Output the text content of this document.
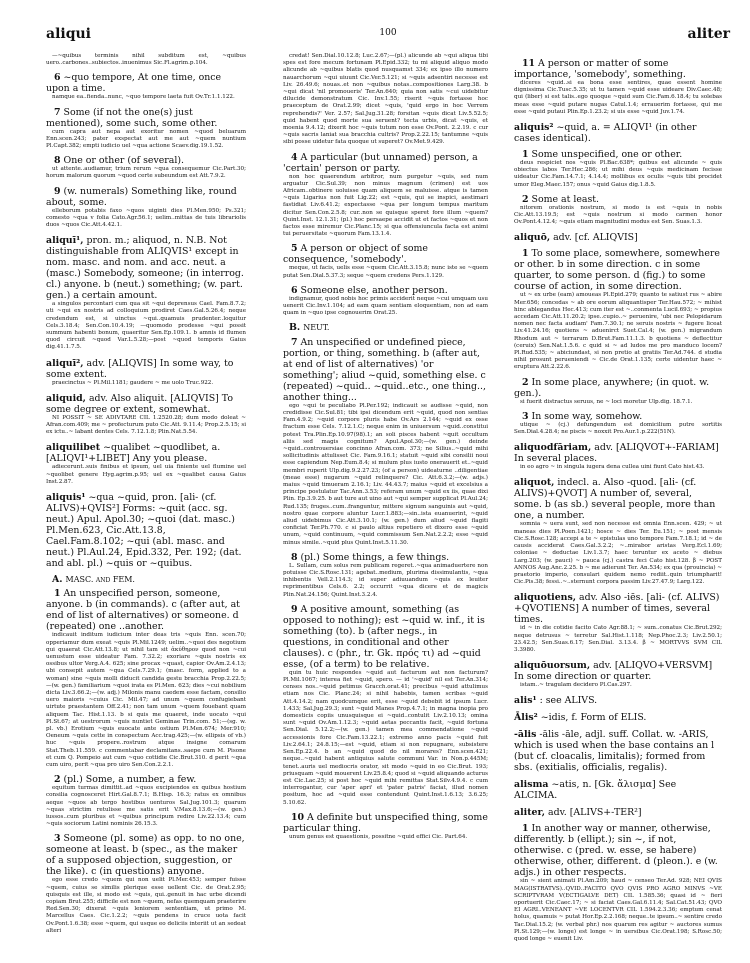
aliqui	100	aliter
—~quibus terminis nihil subditum est, ~quibus uero..carbones..subiectos..inuenimus Sic.Fl.agrim.p.104.
6 ~quo tempore, At one time, once upon a time.
namque ea..fienda..nunc, ~quo tempore laeta fuit Ov.Tr.1.1.122.
7 Some (if not the one(s) just mentioned), some such, some other.
cum capra aut nepa aut exoritur nomen ~quod beluarum Enn.scen.243; pater exspectat aut me aut ~quem nuntium Pl.Capt.382; empti iudicio uel ~qua actione Scaev.dig.19.1.52.
8 One or other (of several).
ut attente..audiamur, trium rerum ~qua consequemur Cic.Part.30; horum malorum quorum ~quod certe subeundum est Att.7.9.2.
9 (w. numerals) Something like, round about, some.
elleborum potabis faxo ~quos uiginti dies Pl.Men.950; Ps.321; comesto ~qua v folia Cato.Agr.56.1; uelim..mittas de tuis librariolis duos ~quos Cic.Att.4.42.1.
aliquī¹, pron. m.; aliquod, n. N.B. Not distinguishable from ALIQVIS¹ except in nom. masc. and nom. and acc. neut. a (masc.) Somebody, someone; (in interrog. cl.) anyone. b (neut.) something; (w. part. gen.) a certain amount.
a singulos percontari cum qua sit ~qui deprensus Cael. Fam.8.7.2; uti ~qui ex nostris ad colloquium prodiret Caes.Gal.5.26.4; neque credendum est, si uinctus ~qui..quamuis prudenter..loquitur Cels.3.18.4; Sen.Con.10.4.19; —quomodo prodesse ~qui possit summum habenti bonum, quaeritur Sen.Ep.109.1. b amnis id flumen quod circuit ~quod Var.L.5.28;—post ~quod temporis Gaius dig.41.1.7.5.
aliquī², adv. [ALIQVIS] In some way, to some extent.
praecinctus ~ Pl.Mil.1181; gaudere ~ me uolo Truc.922.
aliquid, adv. Also aliquit. [ALIQVIS] To some degree or extent, somewhat.
NI POSSIT ~ SE ADIVTARE CIL 1.2520.28; dum modo doleat ~ Afran.com.409; me ~ profecturum puto Cic.Att. 9.11.4; Prop.2.5.15; si ex ictu..~ labant dentes Cels. 7.12.1.8; Plin.Nat.5.54.
aliquilibet ~qualibet ~quodlibet, a. [ALIQVI¹+LIBET] Any you please.
adiecerunt..suis finibus et ipsum, uel uia finiente uel flumine uel ~quolibet genere Hyg.agrim.p.95; uel ex ~qualibet causa Gaius Inst.2.87.
aliquis¹ ~qua ~quid, pron. [ali- (cf. ALIVS)+QVIS²] Forms: ~quit (acc. sg. neut.) Apul. Apol.30; ~quoi (dat. masc.) Pl.Men.623, Cic.Att.13.8, Cael.Fam.8.102; ~qui (abl. masc. and neut.) Pl.Aul.24, Epid.332, Per. 192; (dat. and abl. pl.) ~quis or ~quibus.
A. MASC. and FEM.
1 An unspecified person, someone, anyone. b (in commands). c (after aut, at end of list of alternatives) or someone. d (repeated) one ..another.
indicauit inditum iudicium inter deas tris ~quis Enn. scen.70; opperiamur dum exeat ~quis Pl.Mil.1249; uelim..~quoi des negotium qui quaerat Cic.Att.13.8; ut nihil tam sit ἀκύθηρον quod non ~cui uenustum esse uideatur Fam. 7.32.2; exoriare ~quis nostris ex ossibus ultor Verg.A.4. 625; sine procax ~quast, capior Ov.Am.2.4.13; ubi consepit autem ~qua Cels.7.29.1; (masc. form, applied to a woman) sine ~quis molli diducit candida gestu bracchia Prop.2.22.5;—(w. gen.) familiarium ~quoi irata es Pl.Men. 623; dies ~cui nobilium dicta Liv.3.66.2;—(w. adj.) Milonis manu caedem esse factam, consilio uero maioris ~cuius Cic. Mil.47; ad unum ~quem confugiebant uirtute praestantem Off.2.41; non tam unum ~quem fouebant quam aliquem Tac. Hist.1.13. b si quis me quaeret, inde uocato ~qui Pl.St.67; at uestrorum ~quis nuntiet Geminae Trin.com. 51;—(sg. w. pl. vb.) Erotium ~quis euocate ante ostium Pl.Men.674; Mer.910; Oeneum ~quis cette in conspectum Acc.trag.425;—(w. ellipsis of vb.) huc ~quis propere..rostrum atque insigne comarum Stat.Theb.11.559. c commentabar declamitans..saepe cum M. Pisone et cum Q. Pompeio aut cum ~quo cottidie Cic.Brut.310. d perit ~qua cum uiro, perit ~qua pro uiro Sen.Con.2.2.1.
2 (pl.) Some, a number, a few.
equitum turmas dimittit..ad ~quos excipiendos ex quibus hostium consilia cognosceret Hirt.Gal.8.7.1; B.Hisp. 16.3; ratus ex omnibus aeque ~quos ab tergo hostibus uenturos Sal.Jug.101.3; quarum ~quas strictim retulisse me satis erit V.Max.8.13.6;—(w. gen.) iussos..cum pluribus et ~quibus principum redire Liv.22.13.4; cum ~quis sociorum Latini nominis 26.15.3.
3 Someone (pl. some) as opp. to no one, someone at least. b (spec., as the maker of a supposed objection, suggestion, or the like). c (in questions) anyone.
ego esse credo ~quem qui non uelit Pl.Mer.453; semper fuisse ~quem, cuius se similis plerique esse uellent Cic. de Orat.2.95; quisquis est ille, si modo est ~quis, qui..genuit in hac urbe dicendi copiam Brut.255; difficile est non ~quem, nefas quemquam praeterire Red.Sen.30; dixerat ~quis leniorem sententiam, ut primo M. Marcellus Caes. Cic.1.2.2; ~quis pendens in cruce uota facit Ov.Pont.1.6.38; esse ~quem, qui usque eo deliciis interiit ut an sedeat alteri
credat! Sen.Dial.10.12.8; Luc.2.67;—(pl.) alicunde ab ~qui aliqua tibi spes est fore mecum fortunam Pl.Epid.332; tu mi aliquid aliquo modo alicunde ab ~quibus blatis quod nusquamst 334; ex ipso illo numero nauarchorum ~qui uiuunt Cic.Ver.5.121; si ~quis adsentiri necesse est Liv. 26.49.6; nouas..et non ~quibus notas..compositiones Larg.38. b ~qui dicat 'nil promoueris' Ter.An.640; quia non satis ~cui uidebitur dilucide demonstratum Cic. Inv.1.55; riserit ~quis fortasse hoc praeceptum de Orat.2.99; dicet ~quis, 'quid ergo in hoc Verrem reprehendis?' Ver. 2.57; Sal.Jug.31.28; forsitan ~quis dicat Liv.5.52.5; quid habent quod morte sua seruent? tecta urbis, dicat ~quis, et moenia 9.4.12; dixerit hoc ~quis tutum non esse Ov.Pont. 2.2.19. c cur ~quis sacris laniat sua bracchia cultris? Prop.2.22.15; tantumne ~quis sibi posse uidetur fata quoque ut superet? Ov.Met.9.429.
4 A particular (but unnamed) person, a 'certain' person or party.
non hoc quaerendum arbitror, num purgetur ~quis, sed num arguatur Cic.Sul.39; non minus magnum (crimen) est uos Africam..obtinere uoluisse quam aliquem se maluisse. atque is tamen ~quis Ligarius non fuit Lig.22; est ~quis, qui se inspici, aestimari fastidiat Liv.6.41.2; expectasse ~qua per longum tempus maritum dicitur Sen.Con.2.5.8; cur..non se quisque speret fore illum ~quem? Quint.Inst. 12.1.31; (pl.) hoc persaepe accidit ut et factos ~quos et non factos esse miremur Cic.Planc.15; si qua offensiuncula facta est animi tui peruersitate ~quorum Fam.13.1.4.
5 A person or object of some consequence, 'somebody'.
meque, ut facis, uelis esse ~quem Cic.Att.3.15.8; nunc iste se ~quem putat Sen.Dial.5.37.3; seque ~quem credens Pers.1.129.
6 Someone else, another person.
indignamur, quod nobis hoc primis acciderit neque ~cui umquam usu uenerit Cic.Inv.1.104; ad eam quam sentiam eloquentiam, non ad eam quam in ~quo ipse cognouerim Orat.25.
B. NEUT.
7 An unspecified or undefined piece, portion, or thing, something. b (after aut, at end of list of alternatives) 'or something'; aliud ~quid, something else. c (repeated) ~quid.. ~quid..etc., one thing.., another thing...
ego ~qui te peculiabo Pl.Per.192; indicauit se audisse ~quid, non credidisse Cic.Sul.81; tibi ipsi dicendum erit ~quid, quod non sentias Fam.4.9.2; ~quid corpore pluris habe Ov.Ars 2.144; ~quid ex osse fractum esse Cels. 7.12.1.C; neque enim in uniuersum ~quid..constitui potest Tra.Plin.Ep.10.97(98).1; an soli pisces habent ~quit occultum aliis sed magis cognitum? Apul.Apol.30;—(w. gen.) deinde ~quid..controuersiae concinno Afran.com. 373; ne Silius..~quid mihi sollicitudinis attulisset Cic. Fam.9.16.1; statuit ~quid sibi consilii noui esse capiendum Nep.Eum.8.4; si mulum plus iusto onerauerit et..~quid membri ruperit Ulp.dig.9.2.27.23; (of a person) uideaturne ..diligentiae (meae esse) nugarum ~quid relinquere? Cic. Att.6.3.2;—(w. adjs.) maius ~quid timueram 2.16.1; Liv. 44.43.7; maius ~quid et excelsius a principe postulatur Tac.Ann.3.53; referam unum ~quid ex iis, quae dixi Plin. Ep.3.9.25. b aut ture aut uino aut ~qui semper supplicat Pl.Aul.24; Rud.135; fruges..cum..franguntur, mittere signum sanguinis aut ~quid, nostro quae corpore aluntur Lucr.1.883;—sin..ista euanuerint, ~quid aliud uidebimus Cic.Att.3.10.1; (w. gen.) dum aliud ~quid flagiti conficiat Ter.Ph.770. c si paulo altius repetiero et dixero esse ~quid unum, ~quid continuum, ~quid commissum Sen.Nat.2.2.2; esse ~quid minus simile..~quid plus Quint.Inst.5.11.30.
8 (pl.) Some things, a few things.
L. Sullam, cum solus rem publicam regeret..~qua animaduertere non potuisse Cic.S.Rosc.131; agebat..medium, plurima dissimulantis, ~qua inhibentis Vell.2.114.3; id super adiuuandum ~quis ex leuiter reprimentibus Cels.6. 2.2; occurrit ~qua dicere et de magicis Plin.Nat.24.156; Quint.Inst.3.2.4.
9 A positive amount, something (as opposed to nothing); est ~quid w. inf., it is something (to). b (after negs., in questions, in conditional and other clauses). c (phr., tr. Gk. πρός τι) ad ~quid esse, (of a term) to be relative.
quin tu huic respondes ~quid aut facturum aut non facturum? Pl.Mil.1067; interea fiet ~quid, spero. — id '~quid' nil est Ter.An.314; censes nos..~quid petimus Gracch.orat.41; precibus ~quid attulimus etiam nos Cic. Planc.24; si nihil habebis, tamen scribas ~quid Att.4.14.2; nam quodcumque erit, esse ~quid debebit id ipsum Lucr. 1.433; Sal.Jug.29.3; sunt ~quid Manes Prop.4.7.1; in magna inopia pro domesticis copiis unusquisque ei ~quid..contulit Liv.2.10.13; omina sunt ~quid Ov.Am.1.12.3; ~quid aetas peccantis facit, ~quid fortuna Sen.Dial. 5.12.2;—(w. gen.) tamen mea commendatione ~quid accessionis fore Cic.Fam.13.22.1; extremo anno pacis ~quid fuit Liv.2.64.1; 24.8.15;—est ~quid, etiam si non repugnare, subsistere Sen.Ep.22.4. b an ~quid quod do nil morares? Enn.scen.421; neque..~quid habent antiquius salute communi Var. in Non.p.445M; tenet..auris uel mediocris orator, sit modo ~quid in eo Cic.Brut. 193; priusquam ~quid mouerent Liv.25.8.4; quod si ~quid aliquando acturus est Cic.Lac.25; si post hoc ~quid mihi remittas Stat.Silv.4.9.4. c cum interrogantur, cur 'aper apri' et 'pater patris' faciat, illud nomen positum, hoc ad ~quid esse contendunt Quint.Inst.1.6.13; 3.6.25; 5.10.62.
10 A definite but unspecified thing, some particular thing.
unum genus est quaestionis, possitne ~quid effici Cic. Part.64.
11 A person or matter of some importance, 'somebody', something.
diceres ~quid..si ea bona esse sentires, quae essent homine dignissima Cic.Tusc.5.35; ut tu tamen ~quid esse uideare Div.Caec.48; qui (liber) si est talis..ego quoque ~quid sum Cic.Fam.6.18.4; tu solebas meas esse ~quid putare nugas Catul.1.4; errauerim fortasse, qui me esse ~quid putaui Plin.Ep.1.23.2; si uis esse ~quid Juv.1.74.
aliquis² ~quid, a. = ALIQVI¹ (in other cases identical).
1 Some unspecified, one or other.
deus respiciet nos ~quis Pl.Bac.638*; quibus est alicunde ~ quis obiectus labos Ter.Hec.286; ut mihi deus ~quis medicinam fecisse uideatur Cic.Fam.14.7.1; 4.14.4; mollibus ex oculis ~quis tibi procidet umor Eleg.Maec.157; onus ~quid Gaius dig.1.8.5.
2 Some at least.
nitorem orationis nostrum, si modo is est ~quis in nobis Cic.Att.13.19.5; est ~quis nostrum si modo carmen honor Ov.Pont.4.12.4; ~quis etiam magnitudini modus est Sen. Suas.1.3.
aliquō, adv. [cf. ALIQVIS]
1 To some place, somewhere, somewhere or other. b in some direction. c in some quarter, to some person. d (fig.) to some course of action, in some direction.
ut ~ ex urbe (eam) amoueas Pl.Epid.279; quanto te satiust rus ~ abire Mer.656; concedas ~ ab ore eorum aliquantisper Ter.Hau.572; ~ mihist hinc ablegandus Hec.413; cum iter est ~..conmenta Lucil.693; ~ propius accedam Cic.Att.11.20.2; ipse..cupio..~ peruenire, 'ubi nec Pelopidarum nomen nec facta audiam' Fam.7.30.1; ne seruis nostris ~ fugere liceat Liv.41.24.16; quotiens ~ aduenirct Suet.Cal.4; (w. gen.) migrandum Rhodum aut ~ terrarum D.Brut.Fam.11.1.3. b quotiens ~ deflectitur (ceruix) Sen.Nat.1.5.6. c quid si ~ ad ludos me pro manduco locem? Pl.Rud.535; ~ abiciundast, si non pretio at gratiis Ter.Ad.744. d studia nihil prosunt perueniendi ~ Cic.de Orat.1.135; certe uidentur haec ~ eruptura Att.2.22.6.
2 In some place, anywhere; (in quot. w. gen.).
si fuerit distractus seruus, ne ~ loci moretur Ulp.dig. 18.7.1.
3 In some way, somehow.
utique ~ (cj.) defungendum est domicilium putre sortitis Sen.Dial.4.28.4; ne piscis ~ noxxit Pro.Aur.1.p.222(51N).
aliquodfāriam, adv. [ALIQVOT+-FARIAM] In several places.
in eo agro ~ in singula iugera dena cullea uini fiunt Cato hist.43.
aliquot, indecl. a. Also -quod. [ali- (cf. ALIVS)+QVOT] A number of, several, some. b (as sb.) several people, more than one, a number.
somnia ~ uera sunt, sed non necesse est omnia Enn.scen. 429; ~ ut maneas dies Pl.Poen.1421; hosce ~ dies Ter. Eu.151; ~ post mensis Cic.S.Rosc.128; accepi a te ~ epistulas uno tempore Fam.7.18.1; id ~ de causis acciderat Caes.Gal.3.2.2; ~..mirabor aristas Verg.Ecl.1.69; coloniae ~ deductae Liv.1.3.7; haec teruntur ex aceto ~ diebus Larg.203; (w. pauci) ~ pauca (cj.) castra feci Cato hist.128. β ~ POST ANNOS Aug.Anc.2.25. b ~ me adierunt Ter. An.534; ex qua (prouincia) ~ praetorio imperio, consulari quidem nemo rediit..quin triumpharit! Cic.Pis.38; fessi..~..sternunt corpora passim Liv.27.47.9; Larg.122.
aliquotiens, adv. Also -iēs. [ali- (cf. ALIVS) +QVOTIENS] A number of times, several times.
id ~ in die cotidie facito Cato Agr.88.1; ~ sum..conatus Cic.Brut.292; neque detrusus ~ terretur Sal.Hist.1.118; Nep.Phoc.2.3; Liv.2.50.1; 23.42.5; Sen.Suas.6.17; Sen.Dial. 3.13.4. β ~ MORTVVS SVM CIL 3.3980.
aliquōuorsum, adv. [ALIQVO+VERSVM] In some direction or quarter.
istam..~ tragulam decidero Pl.Cas.297.
alis¹ : see ALIVS.
Ālis² ~idis, f. Form of ELIS.
-ālis -ālis -āle, adjl. suff. Collat. w. -ARIS, which is used when the base contains an l (but cf. cloacalis, limitalis); formed from sbs. (exitialis, officialis, regalis).
alisma ~atis, n. [Gk. ἄλισμα] See ALCIMA.
aliter, adv. [ALIVS+-TER²]
1 In another way or manner, otherwise, differently. b (ellipt.); sin ~, if not, otherwise. c (pred. w. esse, se habere) otherwise, other, different. d (pleon.). e (w. adjs.) in other respects.
sin ~ sient animati Pl.Am.209; haud ~ censeo Ter.Ad. 928; NEI QVIS MAG(ISTRATVS)..QVID..FACITO QVO QVIS PRO AGRO MINVS ~VE SCRIPTVRAM V(ECTIGALVE DET) CIL 1.585.36; quasi id ~ fieri oportuerit Cic.Caec.17; ~ si faciat Caes.Gal.6.11.4; Sal.Cat.51.43; QVO EI AGRI..VENEANT ~VE LOCENTVR CIL 1.594.2.3.36; emptum cenat holus, quamuis ~ putat Hor.Ep.2.2.168; neque..te ipsum..~ sentire credo Tac.Dial.15.2; (w. verbal phr.) nos quarum res agitur ~ auctores sumus Pl.St.129;—(w. longe) est longe ~ in uersibus Cic.Orat.198; S.Rosc.50; quod longe ~ euenit Liv.
